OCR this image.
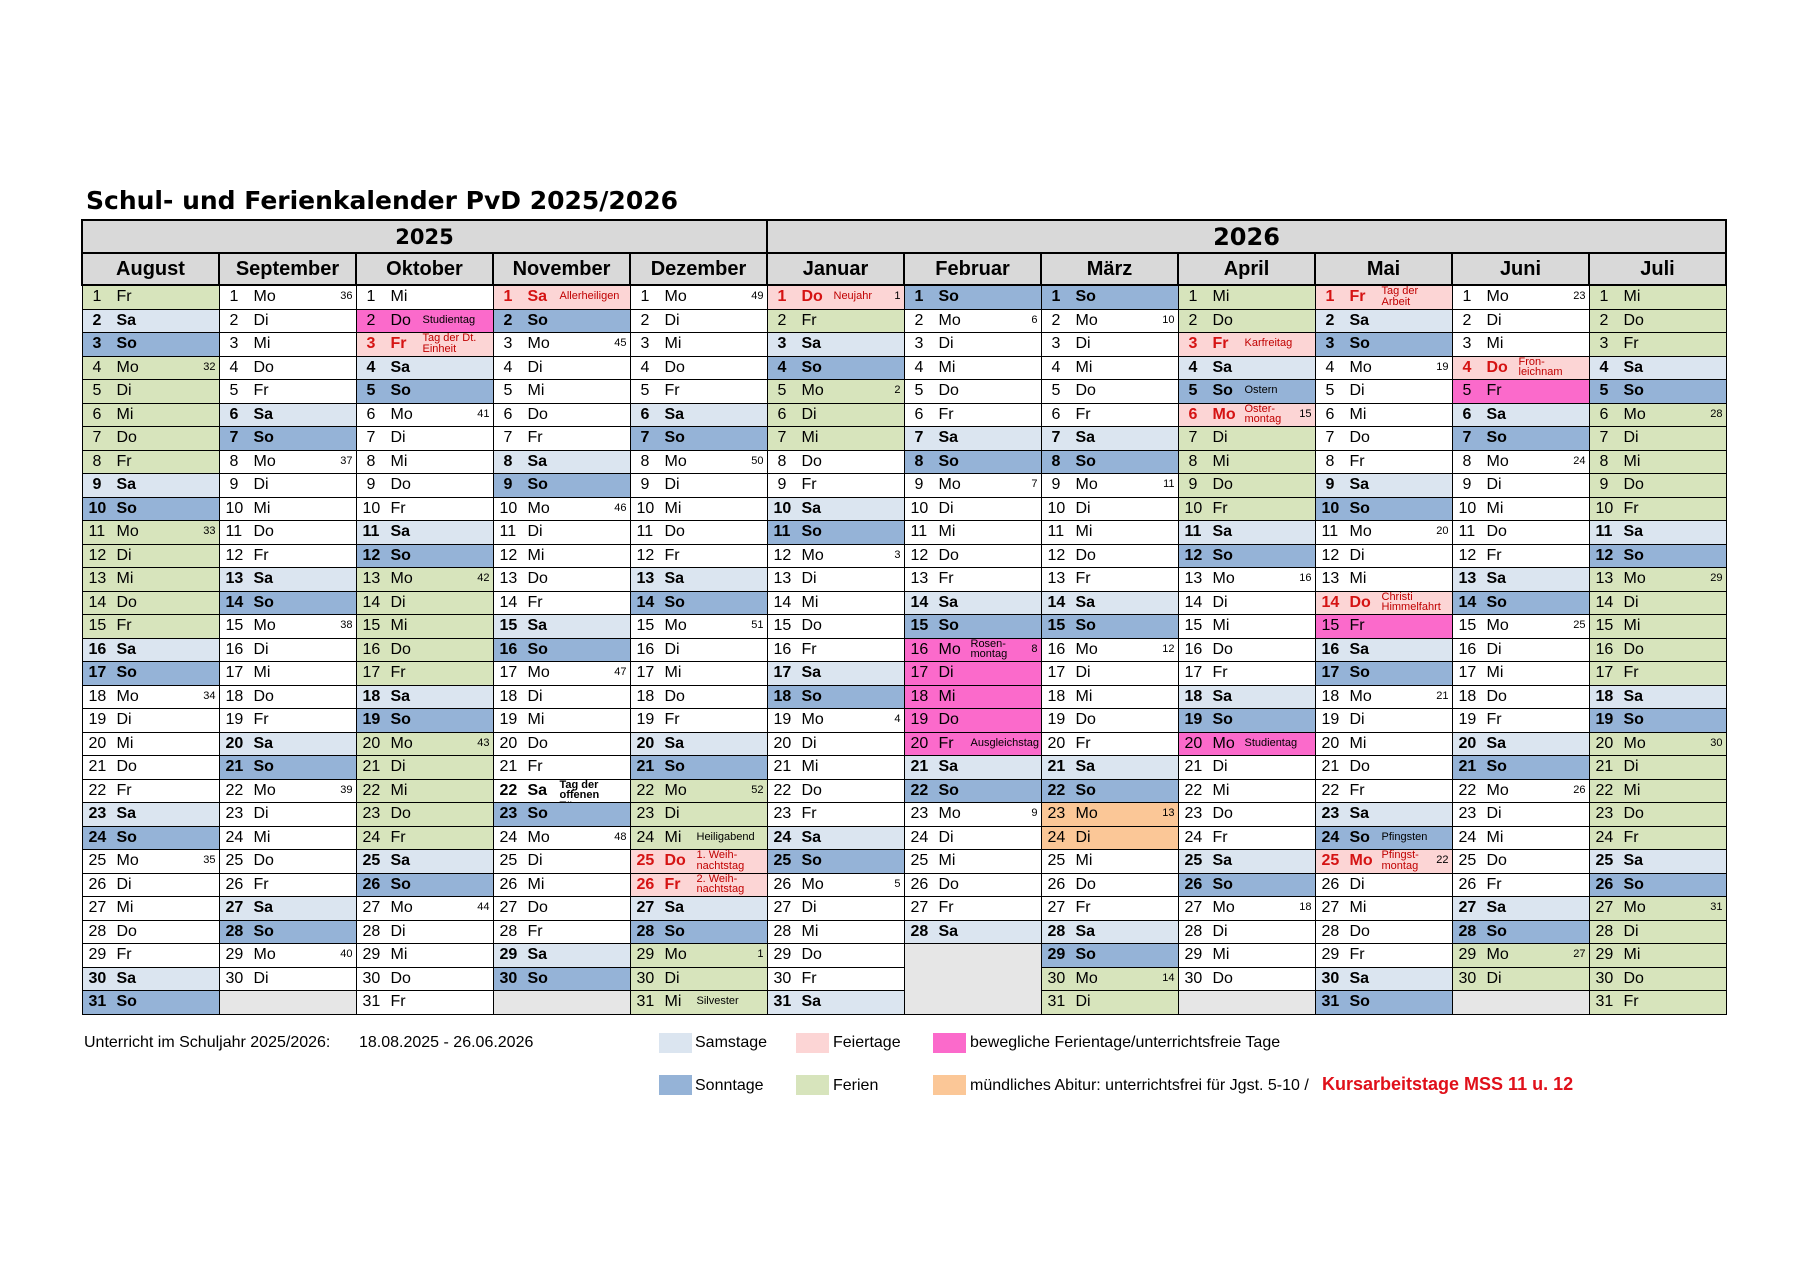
Schul- und Ferienkalender PvD 2025/2026
2025					2026						
August	September	Oktober	November	Dezember	Januar	Februar	März	April	Mai	Juni	Juli

1 Fr	1 Mo 36	1 Mi	1 Sa Allerheiligen	1 Mo 49	1 Do Neujahr 1	1 So	1 So	1 Mi	1 Fr Tag der Arbeit	1 Mo 23	1 Mi

2 Sa	2 Di	2 Do Studientag	2 So	2 Di	2 Fr	2 Mo 6	2 Mo 10	2 Do	2 Sa	2 Di	2 Do

3 So	3 Mi	3 Fr Tag der Dt. Einheit	3 Mo 45	3 Mi	3 Sa	3 Di	3 Di	3 Fr Karfreitag	3 So	3 Mi	3 Fr

4 Mo 32	4 Do	4 Sa	4 Di	4 Do	4 So	4 Mi	4 Mi	4 Sa	4 Mo 19	4 Do Fron-leichnam	4 Sa

5 Di	5 Fr	5 So	5 Mi	5 Fr	5 Mo 2	5 Do	5 Do	5 So Ostern	5 Di	5 Fr	5 So

6 Mi	6 Sa	6 Mo 41	6 Do	6 Sa	6 Di	6 Fr	6 Fr	6 Mo Oster-montag 15	6 Mi	6 Sa	6 Mo 28

7 Do	7 So	7 Di	7 Fr	7 So	7 Mi	7 Sa	7 Sa	7 Di	7 Do	7 So	7 Di

8 Fr	8 Mo 37	8 Mi	8 Sa	8 Mo 50	8 Do	8 So	8 So	8 Mi	8 Fr	8 Mo 24	8 Mi

9 Sa	9 Di	9 Do	9 So	9 Di	9 Fr	9 Mo 7	9 Mo 11	9 Do	9 Sa	9 Di	9 Do

10 So	10 Mi	10 Fr	10 Mo 46	10 Mi	10 Sa	10 Di	10 Di	10 Fr	10 So	10 Mi	10 Fr

11 Mo 33	11 Do	11 Sa	11 Di	11 Do	11 So	11 Mi	11 Mi	11 Sa	11 Mo 20	11 Do	11 Sa

12 Di	12 Fr	12 So	12 Mi	12 Fr	12 Mo 3	12 Do	12 Do	12 So	12 Di	12 Fr	12 So

13 Mi	13 Sa	13 Mo 42	13 Do	13 Sa	13 Di	13 Fr	13 Fr	13 Mo 16	13 Mi	13 Sa	13 Mo 29

14 Do	14 So	14 Di	14 Fr	14 So	14 Mi	14 Sa	14 Sa	14 Di	14 Do Christi Himmelfahrt	14 So	14 Di

15 Fr	15 Mo 38	15 Mi	15 Sa	15 Mo 51	15 Do	15 So	15 So	15 Mi	15 Fr	15 Mo 25	15 Mi

16 Sa	16 Di	16 Do	16 So	16 Di	16 Fr	16 Mo Rosen-montag 8	16 Mo 12	16 Do	16 Sa	16 Di	16 Do

17 So	17 Mi	17 Fr	17 Mo 47	17 Mi	17 Sa	17 Di	17 Di	17 Fr	17 So	17 Mi	17 Fr

18 Mo 34	18 Do	18 Sa	18 Di	18 Do	18 So	18 Mi	18 Mi	18 Sa	18 Mo 21	18 Do	18 Sa

19 Di	19 Fr	19 So	19 Mi	19 Fr	19 Mo 4	19 Do	19 Do	19 So	19 Di	19 Fr	19 So

20 Mi	20 Sa	20 Mo 43	20 Do	20 Sa	20 Di	20 Fr Ausgleichstag	20 Fr	20 Mo Studientag	20 Mi	20 Sa	20 Mo 30

21 Do	21 So	21 Di	21 Fr	21 So	21 Mi	21 Sa	21 Sa	21 Di	21 Do	21 So	21 Di

22 Fr	22 Mo 39	22 Mi	22 Sa Tag der offenen	22 Mo 52	22 Do	22 So	22 So	22 Mi	22 Fr	22 Mo 26	22 Mi

23 Sa	23 Di	23 Do	23 So	23 Di	23 Fr	23 Mo 9	23 Mo 13	23 Do	23 Sa	23 Di	23 Do

24 So	24 Mi	24 Fr	24 Mo 48	24 Mi Heiligabend	24 Sa	24 Di	24 Di	24 Fr	24 So Pfingsten	24 Mi	24 Fr

25 Mo 35	25 Do	25 Sa	25 Di	25 Do 1. Weih-nachtstag	25 So	25 Mi	25 Mi	25 Sa	25 Mo Pfingst-montag 22	25 Do	25 Sa

26 Di	26 Fr	26 So	26 Mi	26 Fr 2. Weih-nachtstag	26 Mo 5	26 Do	26 Do	26 So	26 Di	26 Fr	26 So

27 Mi	27 Sa	27 Mo 44	27 Do	27 Sa	27 Di	27 Fr	27 Fr	27 Mo 18	27 Mi	27 Sa	27 Mo 31

28 Do	28 So	28 Di	28 Fr	28 So	28 Mi	28 Sa	28 Sa	28 Di	28 Do	28 So	28 Di

29 Fr	29 Mo 40	29 Mi	29 Sa	29 Mo 1	29 Do		29 So	29 Mi	29 Fr	29 Mo 27	29 Mi

30 Sa	30 Di	30 Do	30 So	30 Di	30 Fr		30 Mo 14	30 Do	30 Sa	30 Di	30 Do

31 So		31 Fr		31 Mi Silvester	31 Sa		31 Di		31 So		31 Fr
Unterricht im Schuljahr 2025/2026: 18.08.2025 - 26.06.2026	Samstage
Sonntage
Feiertage
Ferien
bewegliche Ferientage/unterrichtsfreie Tage
mündliches Abitur: unterrichtsfrei für Jgst. 5-10 / Kursarbeitstage MSS 11 u. 12
